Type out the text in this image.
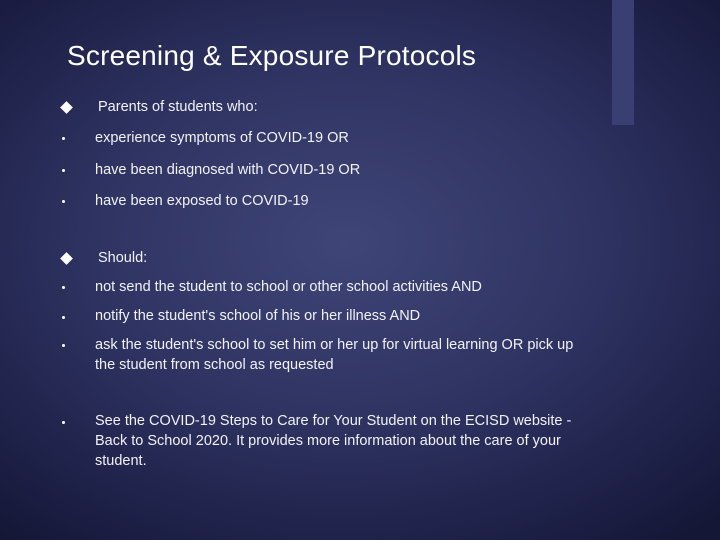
Screening & Exposure Protocols
Parents of students who:
experience symptoms of COVID-19 OR
have been diagnosed with COVID-19 OR
have been exposed to COVID-19
Should:
not send the student to school or other school activities AND
notify the student's school of his or her illness AND
ask the student's school to set him or her up for virtual learning OR pick up the student from school as requested
See the COVID-19 Steps to Care for Your Student on the ECISD website - Back to School 2020. It provides more information about the care of your student.
